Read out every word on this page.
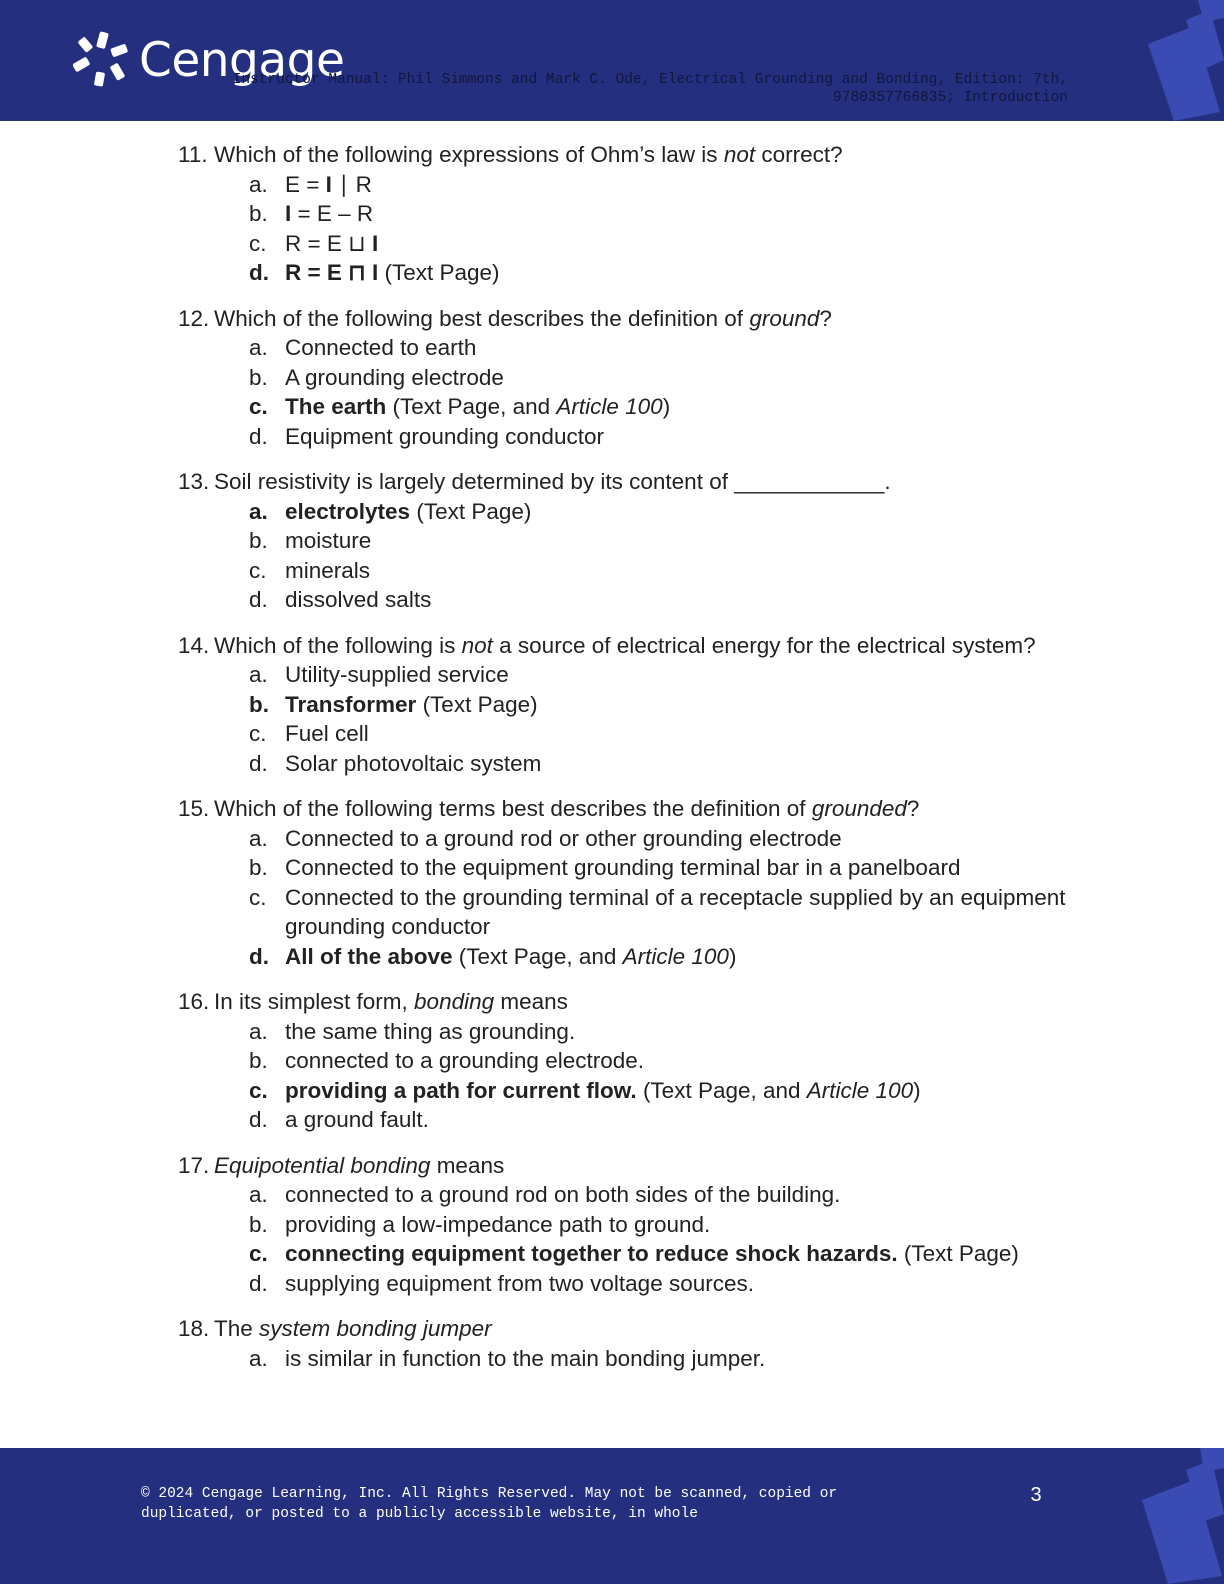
Cengage
Instructor Manual: Phil Simmons and Mark C. Ode, Electrical Grounding and Bonding, Edition: 7th,
9780357766835; Introduction
11. Which of the following expressions of Ohm’s law is not correct?
a. E = I ∣ R
b. I = E – R
c. R = E ⊔ I
d. R = E ⊓ I (Text Page)
12. Which of the following best describes the definition of ground?
a. Connected to earth
b. A grounding electrode
c. The earth (Text Page, and Article 100)
d. Equipment grounding conductor
13. Soil resistivity is largely determined by its content of ____________.
a. electrolytes (Text Page)
b. moisture
c. minerals
d. dissolved salts
14. Which of the following is not a source of electrical energy for the electrical system?
a. Utility-supplied service
b. Transformer (Text Page)
c. Fuel cell
d. Solar photovoltaic system
15. Which of the following terms best describes the definition of grounded?
a. Connected to a ground rod or other grounding electrode
b. Connected to the equipment grounding terminal bar in a panelboard
c. Connected to the grounding terminal of a receptacle supplied by an equipment grounding conductor
d. All of the above (Text Page, and Article 100)
16. In its simplest form, bonding means
a. the same thing as grounding.
b. connected to a grounding electrode.
c. providing a path for current flow. (Text Page, and Article 100)
d. a ground fault.
17. Equipotential bonding means
a. connected to a ground rod on both sides of the building.
b. providing a low-impedance path to ground.
c. connecting equipment together to reduce shock hazards. (Text Page)
d. supplying equipment from two voltage sources.
18. The system bonding jumper
a. is similar in function to the main bonding jumper.
© 2024 Cengage Learning, Inc. All Rights Reserved. May not be scanned, copied or duplicated, or posted to a publicly accessible website, in whole
3
